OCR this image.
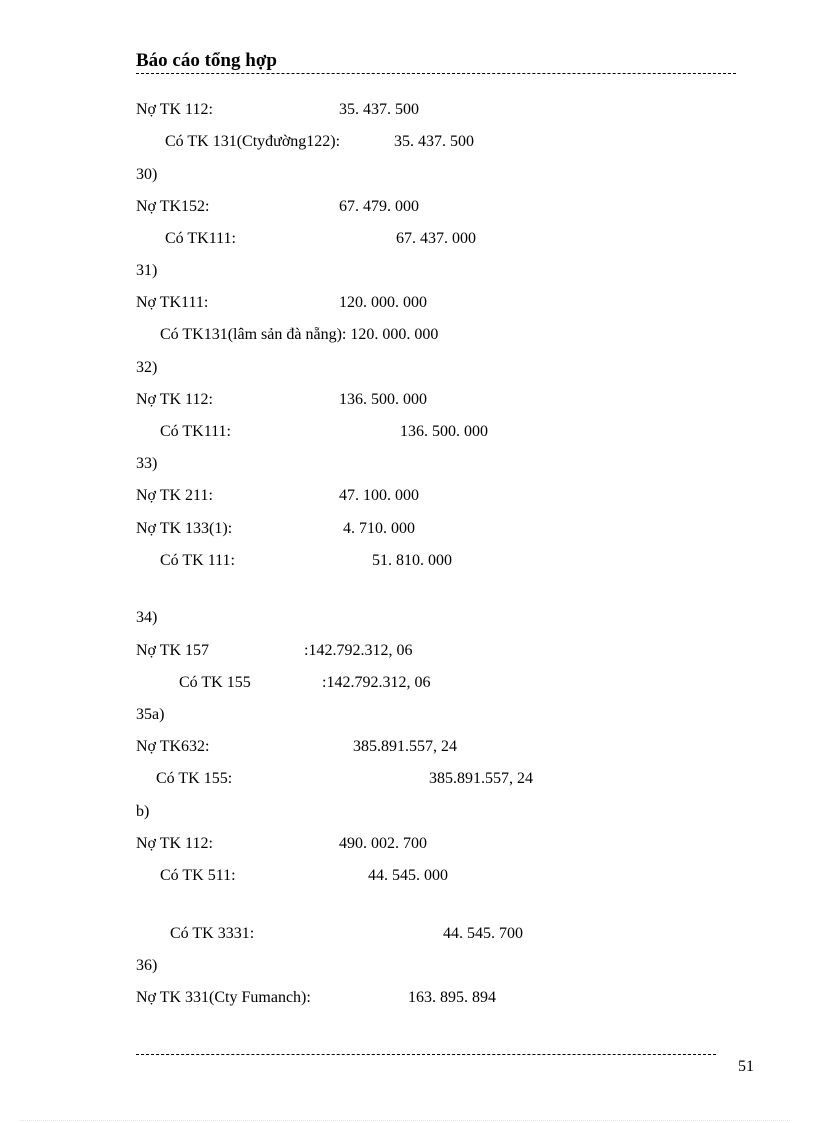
Báo cáo tổng hợp
Nợ TK 112:	35. 437. 500
Có TK 131(Ctyđường122):	35. 437. 500
30)
Nợ TK152:	67. 479. 000
Có TK111:	67. 437. 000
31)
Nợ TK111:	120. 000. 000
Có TK131(lâm sản đà nẵng): 120. 000. 000
32)
Nợ TK 112:	136. 500. 000
Có TK111:	136. 500. 000
33)
Nợ TK 211:	47. 100. 000
Nợ TK 133(1):	4. 710. 000
Có TK 111:	51. 810. 000
34)
Nợ TK 157	:142.792.312, 06
Có TK 155	:142.792.312, 06
35a)
Nợ TK632:	385.891.557, 24
Có TK 155:	385.891.557, 24
b)
Nợ TK 112:	490. 002. 700
Có TK 511:	44. 545. 000
Có TK 3331:	44. 545. 700
36)
Nợ TK 331(Cty Fumanch):	163. 895. 894
51
